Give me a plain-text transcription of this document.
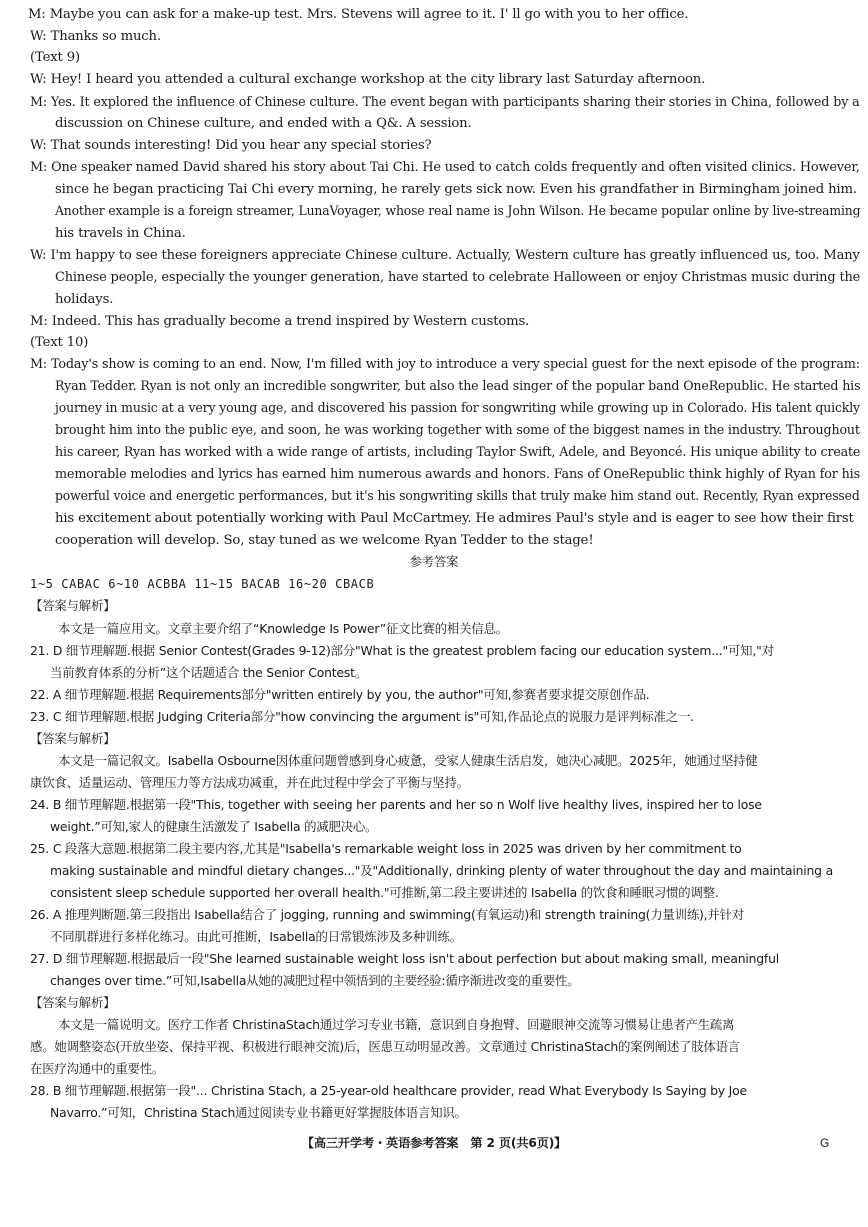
M: Maybe you can ask for a make-up test. Mrs. Stevens will agree to it. I' ll go with you to her office.
W: Thanks so much.
(Text 9)
W: Hey! I heard you attended a cultural exchange workshop at the city library last Saturday afternoon.
M: Yes. It explored the influence of Chinese culture. The event began with participants sharing their stories in China, followed by a
discussion on Chinese culture, and ended with a Q&. A session.
W: That sounds interesting! Did you hear any special stories?
M: One speaker named David shared his story about Tai Chi. He used to catch colds frequently and often visited clinics. However,
since he began practicing Tai Chi every morning, he rarely gets sick now. Even his grandfather in Birmingham joined him.
Another example is a foreign streamer, LunaVoyager, whose real name is John Wilson. He became popular online by live-streaming
his travels in China.
W: I'm happy to see these foreigners appreciate Chinese culture. Actually, Western culture has greatly influenced us, too. Many
Chinese people, especially the younger generation, have started to celebrate Halloween or enjoy Christmas music during the
holidays.
M: Indeed. This has gradually become a trend inspired by Western customs.
(Text 10)
M: Today's show is coming to an end. Now, I'm filled with joy to introduce a very special guest for the next episode of the program:
Ryan Tedder. Ryan is not only an incredible songwriter, but also the lead singer of the popular band OneRepublic. He started his
journey in music at a very young age, and discovered his passion for songwriting while growing up in Colorado. His talent quickly
brought him into the public eye, and soon, he was working together with some of the biggest names in the industry. Throughout
his career, Ryan has worked with a wide range of artists, including Taylor Swift, Adele, and Beyoncé. His unique ability to create
memorable melodies and lyrics has earned him numerous awards and honors. Fans of OneRepublic think highly of Ryan for his
powerful voice and energetic performances, but it's his songwriting skills that truly make him stand out. Recently, Ryan expressed
his excitement about potentially working with Paul McCartmey. He admires Paul's style and is eager to see how their first
cooperation will develop. So, stay tuned as we welcome Ryan Tedder to the stage!
参考答案
1~5 CABAC 6~10 ACBBA 11~15 BACAB 16~20 CBACB
【答案与解析】
本文是一篇应用文。文章主要介绍了“Knowledge Is Power”征文比赛的相关信息。
21. D 细节理解题.根据 Senior Contest(Grades 9-12)部分"What is the greatest problem facing our education system..."可知,"对
当前教育体系的分析”这个话题适合 the Senior Contest。
22. A 细节理解题.根据 Requirements部分"written entirely by you, the author"可知,参赛者要求提交原创作品.
23. C 细节理解题.根据 Judging Criteria部分"how convincing the argument is"可知,作品论点的说服力是评判标准之一.
【答案与解析】
本文是一篇记叙文。Isabella Osbourne因体重问题曾感到身心疲惫，受家人健康生活启发，她决心减肥。2025年，她通过坚持健
康饮食、适量运动、管理压力等方法成功减重，并在此过程中学会了平衡与坚持。
24. B 细节理解题.根据第一段"This, together with seeing her parents and her so n Wolf live healthy lives, inspired her to lose
weight.”可知,家人的健康生活激发了 Isabella 的减肥决心。
25. C 段落大意题.根据第二段主要内容,尤其是"Isabella's remarkable weight loss in 2025 was driven by her commitment to
making sustainable and mindful dietary changes..."及"Additionally, drinking plenty of water throughout the day and maintaining a
consistent sleep schedule supported her overall health."可推断,第二段主要讲述的 Isabella 的饮食和睡眠习惯的调整.
26. A 推理判断题.第三段指出 Isabella结合了 jogging, running and swimming(有氧运动)和 strength training(力量训练),并针对
不同肌群进行多样化练习。由此可推断，Isabella的日常锻炼涉及多种训练。
27. D 细节理解题.根据最后一段"She learned sustainable weight loss isn't about perfection but about making small, meaningful
changes over time.”可知,Isabella从她的减肥过程中领悟到的主要经验:循序渐进改变的重要性。
【答案与解析】
本文是一篇说明文。医疗工作者 ChristinaStach通过学习专业书籍，意识到自身抱臂、回避眼神交流等习惯易让患者产生疏离
感。她调整姿态(开放坐姿、保持平视、积极进行眼神交流)后，医患互动明显改善。文章通过 ChristinaStach的案例阐述了肢体语言
在医疗沟通中的重要性。
28. B 细节理解题.根据第一段"... Christina Stach, a 25-year-old healthcare provider, read What Everybody Is Saying by Joe
Navarro.”可知，Christina Stach通过阅读专业书籍更好掌握肢体语言知识。
【高三开学考・英语参考答案　第 2 页(共6页)】	G
